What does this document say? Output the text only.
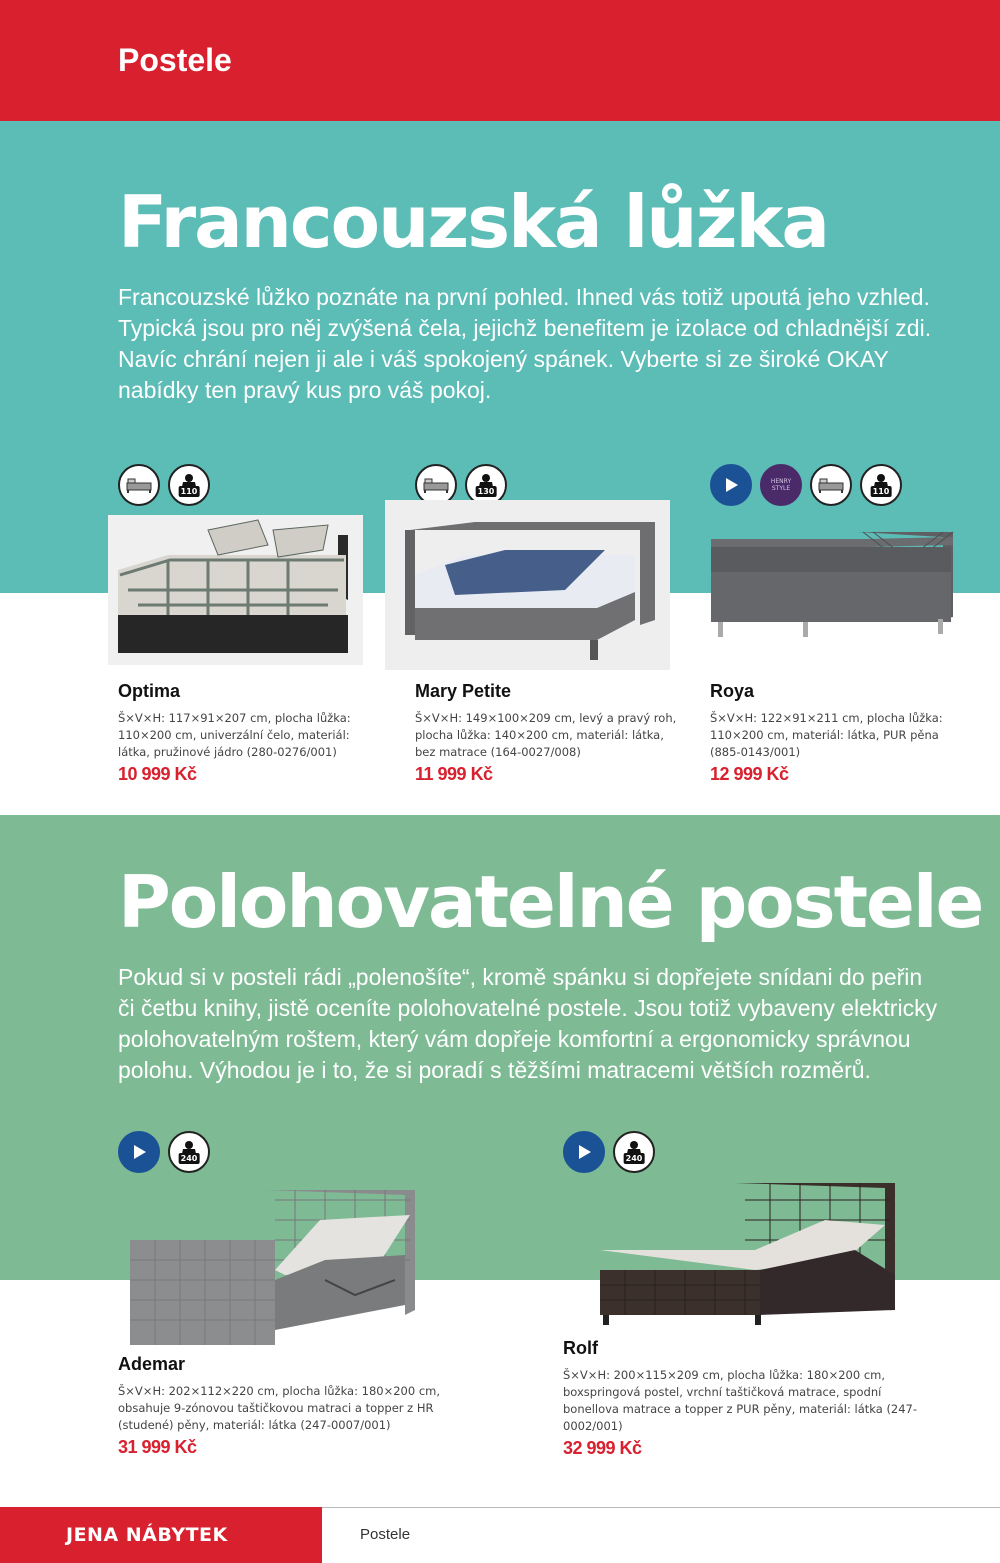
Postele
Francouzská lůžka
Francouzské lůžko poznáte na první pohled. Ihned vás totiž upoutá jeho vzhled. Typická jsou pro něj zvýšená čela, jejichž benefitem je izolace od chladnější zdi. Navíc chrání nejen ji ale i váš spokojený spánek. Vyberte si ze široké OKAY nabídky ten pravý kus pro váš pokoj.
110	130
HENRY STYLE	110
Optima
Š×V×H: 117×91×207 cm, plocha lůžka: 110×200 cm, univerzální čelo, materiál: látka, pružinové jádro (280-0276/001)
10 999 Kč
Mary Petite
Š×V×H: 149×100×209 cm, levý a pravý roh, plocha lůžka: 140×200 cm, materiál: látka, bez matrace (164-0027/008)
11 999 Kč
Roya
Š×V×H: 122×91×211 cm, plocha lůžka: 110×200 cm, materiál: látka, PUR pěna (885-0143/001)
12 999 Kč
Polohovatelné postele
Pokud si v posteli rádi „polenošíte“, kromě spánku si dopřejete snídani do peřin či četbu knihy, jistě oceníte polohovatelné postele. Jsou totiž vybaveny elektricky polohovatelným roštem, který vám dopřeje komfortní a ergonomicky správnou polohu. Výhodou je i to, že si poradí s těžšími matracemi větších rozměrů.
240	240
Ademar
Š×V×H: 202×112×220 cm, plocha lůžka: 180×200 cm, obsahuje 9-zónovou taštičkovou matraci a topper z HR (studené) pěny, materiál: látka (247-0007/001)
31 999 Kč
Rolf
Š×V×H: 200×115×209 cm, plocha lůžka: 180×200 cm, boxspringová postel, vrchní taštičková matrace, spodní bonellova matrace a topper z PUR pěny, materiál: látka (247-0002/001)
32 999 Kč
JENA NÁBYTEK	Postele
